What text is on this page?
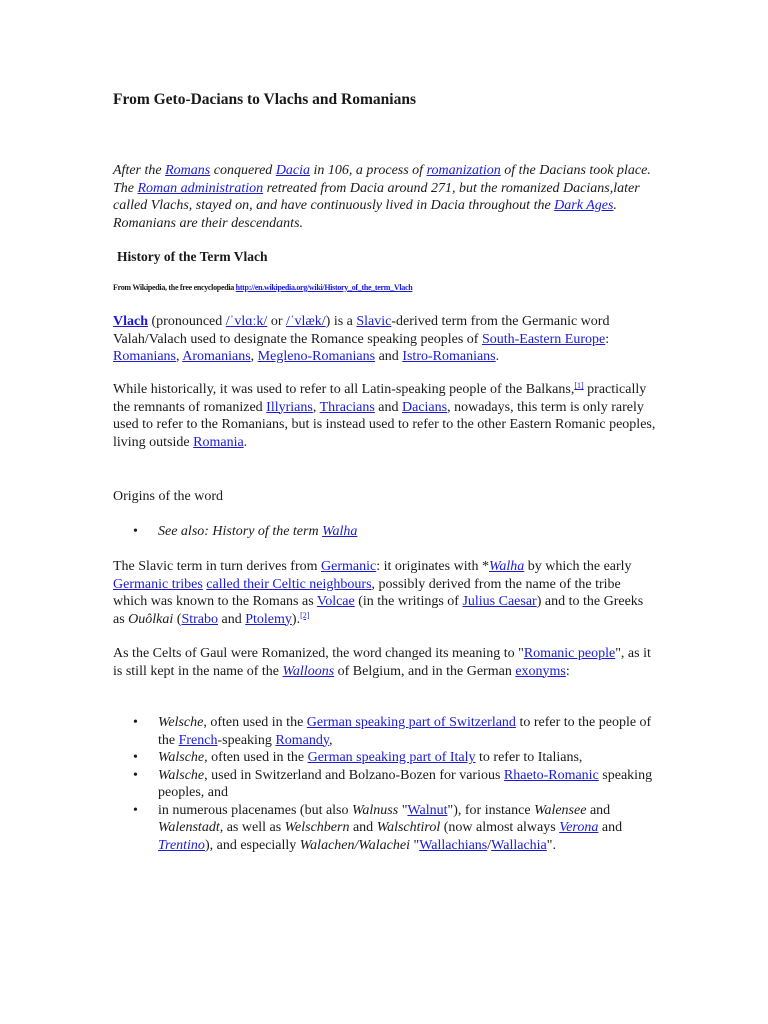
From Geto-Dacians to Vlachs and Romanians

After the Romans conquered Dacia in 106, a process of romanization of the Dacians took place. The Roman administration retreated from Dacia around 271, but the romanized Dacians,later called Vlachs, stayed on, and have continuously lived in Dacia throughout the Dark Ages. Romanians are their descendants.

History of the Term Vlach
From Wikipedia, the free encyclopedia http://en.wikipedia.org/wiki/History_of_the_term_Vlach

Vlach (pronounced /ˈvlɑːk/ or /ˈvlæk/) is a Slavic-derived term from the Germanic word Valah/Valach used to designate the Romance speaking peoples of South-Eastern Europe: Romanians, Aromanians, Megleno-Romanians and Istro-Romanians.

While historically, it was used to refer to all Latin-speaking people of the Balkans,[1] practically the remnants of romanized Illyrians, Thracians and Dacians, nowadays, this term is only rarely used to refer to the Romanians, but is instead used to refer to the other Eastern Romanic peoples, living outside Romania.

Origins of the word
• See also: History of the term Walha

The Slavic term in turn derives from Germanic: it originates with *Walha by which the early Germanic tribes called their Celtic neighbours, possibly derived from the name of the tribe which was known to the Romans as Volcae (in the writings of Julius Caesar) and to the Greeks as Ouôlkai (Strabo and Ptolemy).[2]

As the Celts of Gaul were Romanized, the word changed its meaning to "Romanic people", as it is still kept in the name of the Walloons of Belgium, and in the German exonyms:

• Welsche, often used in the German speaking part of Switzerland to refer to the people of the French-speaking Romandy,
• Walsche, often used in the German speaking part of Italy to refer to Italians,
• Walsche, used in Switzerland and Bolzano-Bozen for various Rhaeto-Romanic speaking peoples, and
• in numerous placenames (but also Walnuss "Walnut"), for instance Walensee and Walenstadt, as well as Welschbern and Walschtirol (now almost always Verona and Trentino), and especially Walachen/Walachei "Wallachians/Wallachia".
